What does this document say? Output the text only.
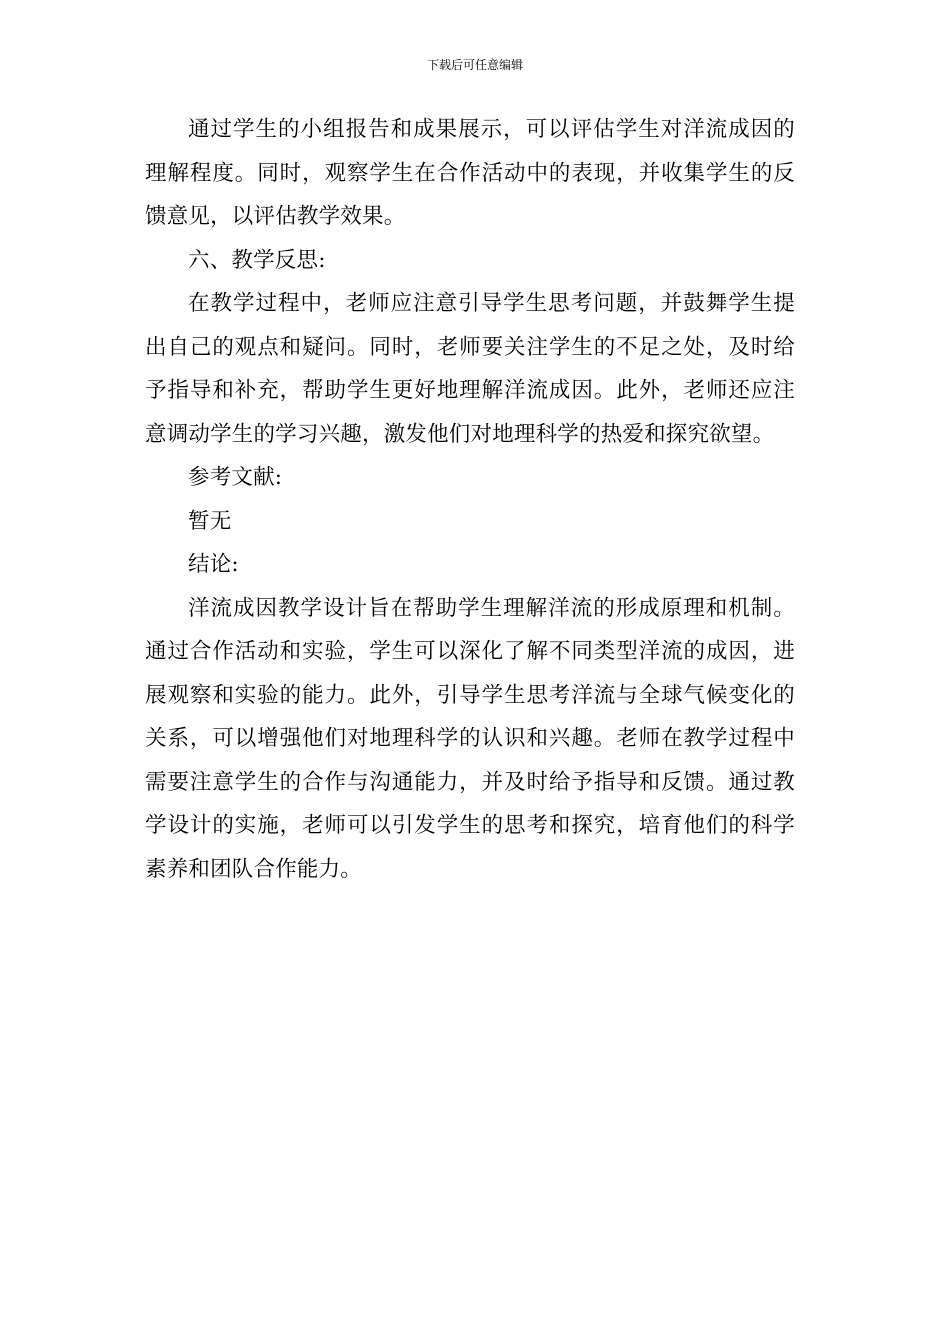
下载后可任意编辑

通过学生的小组报告和成果展示，可以评估学生对洋流成因的理解程度。同时，观察学生在合作活动中的表现，并收集学生的反馈意见，以评估教学效果。

六、教学反思:

在教学过程中，老师应注意引导学生思考问题，并鼓舞学生提出自己的观点和疑问。同时，老师要关注学生的不足之处，及时给予指导和补充，帮助学生更好地理解洋流成因。此外，老师还应注意调动学生的学习兴趣，激发他们对地理科学的热爱和探究欲望。

参考文献:

暂无

结论:

洋流成因教学设计旨在帮助学生理解洋流的形成原理和机制。通过合作活动和实验，学生可以深化了解不同类型洋流的成因，进展观察和实验的能力。此外，引导学生思考洋流与全球气候变化的关系，可以增强他们对地理科学的认识和兴趣。老师在教学过程中需要注意学生的合作与沟通能力，并及时给予指导和反馈。通过教学设计的实施，老师可以引发学生的思考和探究，培育他们的科学素养和团队合作能力。
